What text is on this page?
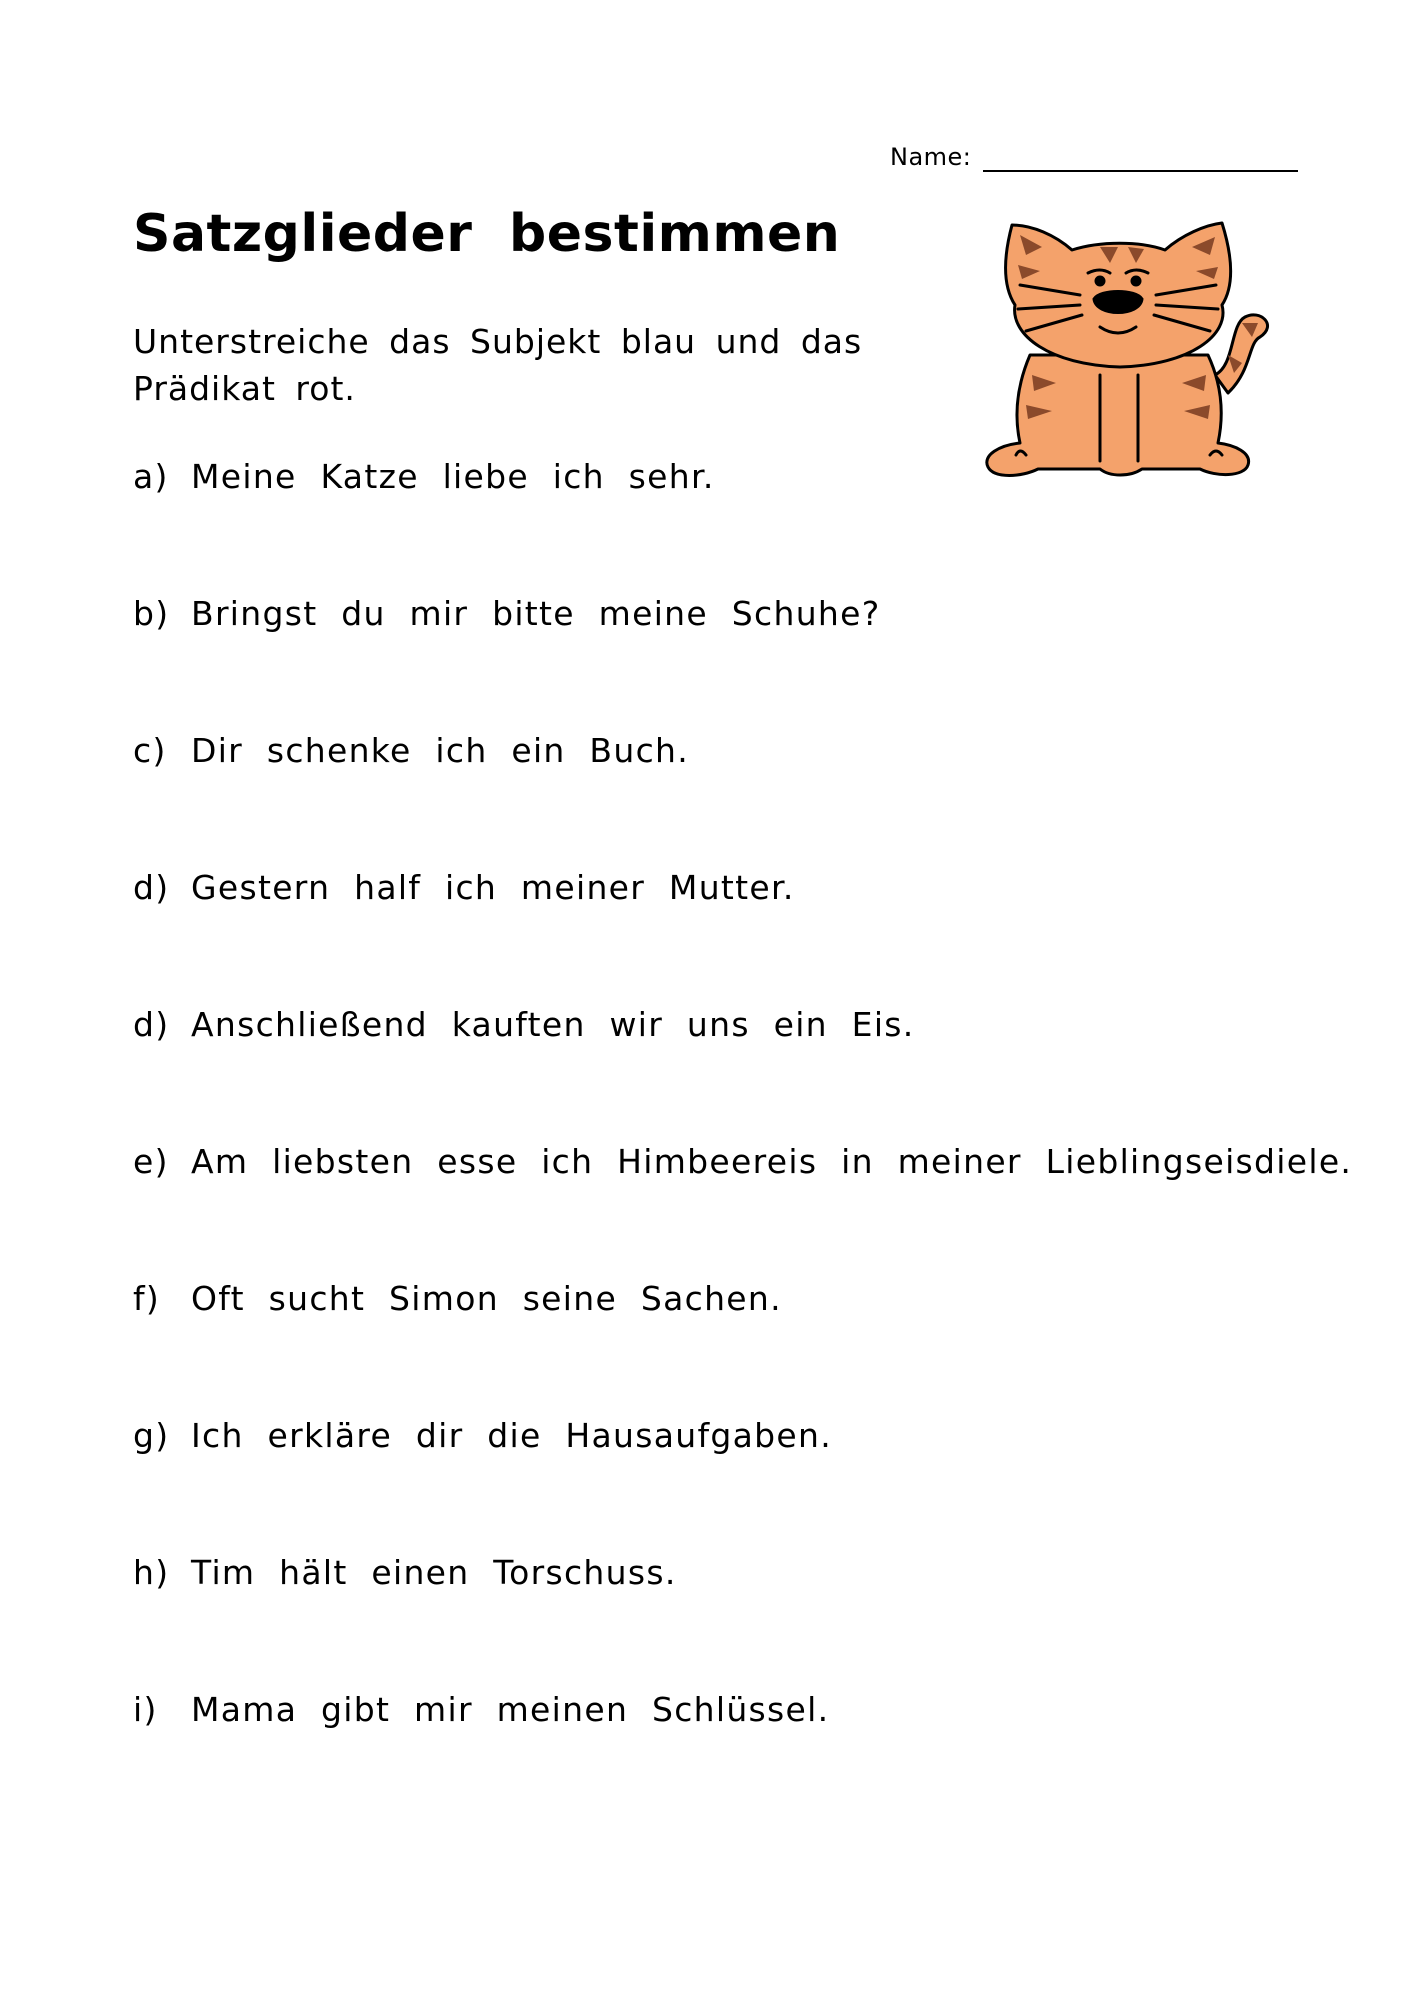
Name:
Satzglieder bestimmen

Unterstreiche das Subjekt blau und das Prädikat rot.

a) Meine Katze liebe ich sehr.
b) Bringst du mir bitte meine Schuhe?
c) Dir schenke ich ein Buch.
d) Gestern half ich meiner Mutter.
d) Anschließend kauften wir uns ein Eis.
e) Am liebsten esse ich Himbeereis in meiner Lieblingseisdiele.
f) Oft sucht Simon seine Sachen.
g) Ich erkläre dir die Hausaufgaben.
h) Tim hält einen Torschuss.
i) Mama gibt mir meinen Schlüssel.
